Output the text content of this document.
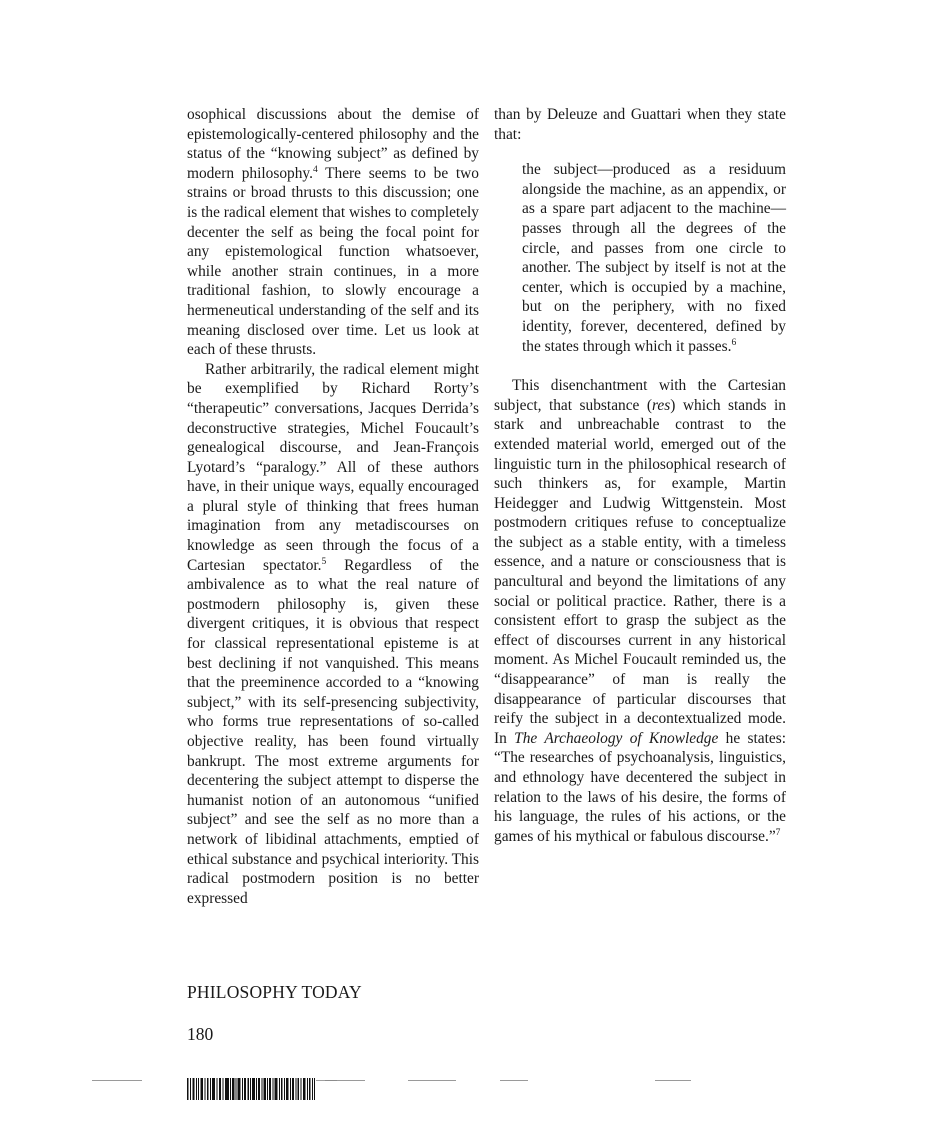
osophical discussions about the demise of epistemologically-centered philosophy and the status of the “knowing subject” as defined by modern philosophy.$^4$ There seems to be two strains or broad thrusts to this discussion; one is the radical element that wishes to completely decenter the self as being the focal point for any epistemological function whatsoever, while another strain continues, in a more traditional fashion, to slowly encourage a hermeneutical understanding of the self and its meaning disclosed over time. Let us look at each of these thrusts.

Rather arbitrarily, the radical element might be exemplified by Richard Rorty’s “therapeutic” conversations, Jacques Derrida’s deconstructive strategies, Michel Foucault’s genealogical discourse, and Jean-François Lyotard’s “paralogy.” All of these authors have, in their unique ways, equally encouraged a plural style of thinking that frees human imagination from any metadiscourses on knowledge as seen through the focus of a Cartesian spectator.$^5$ Regardless of the ambivalence as to what the real nature of postmodern philosophy is, given these divergent critiques, it is obvious that respect for classical representational episteme is at best declining if not vanquished. This means that the preeminence accorded to a “knowing subject,” with its self-presencing subjectivity, who forms true representations of so-called objective reality, has been found virtually bankrupt. The most extreme arguments for decentering the subject attempt to disperse the humanist notion of an autonomous “unified subject” and see the self as no more than a network of libidinal attachments, emptied of ethical substance and psychical interiority. This radical postmodern position is no better expressed

than by Deleuze and Guattari when they state that:

the subject—produced as a residuum alongside the machine, as an appendix, or as a spare part adjacent to the machine—passes through all the degrees of the circle, and passes from one circle to another. The subject by itself is not at the center, which is occupied by a machine, but on the periphery, with no fixed identity, forever, decentered, defined by the states through which it passes.$^6$

This disenchantment with the Cartesian subject, that substance (res) which stands in stark and unbreachable contrast to the extended material world, emerged out of the linguistic turn in the philosophical research of such thinkers as, for example, Martin Heidegger and Ludwig Wittgenstein. Most postmodern critiques refuse to conceptualize the subject as a stable entity, with a timeless essence, and a nature or consciousness that is pancultural and beyond the limitations of any social or political practice. Rather, there is a consistent effort to grasp the subject as the effect of discourses current in any historical moment. As Michel Foucault reminded us, the “disappearance” of man is really the disappearance of particular discourses that reify the subject in a decontextualized mode. In The Archaeology of Knowledge he states: “The researches of psychoanalysis, linguistics, and ethnology have decentered the subject in relation to the laws of his desire, the forms of his language, the rules of his actions, or the games of his mythical or fabulous discourse.”$^7$

PHILOSOPHY TODAY
180
